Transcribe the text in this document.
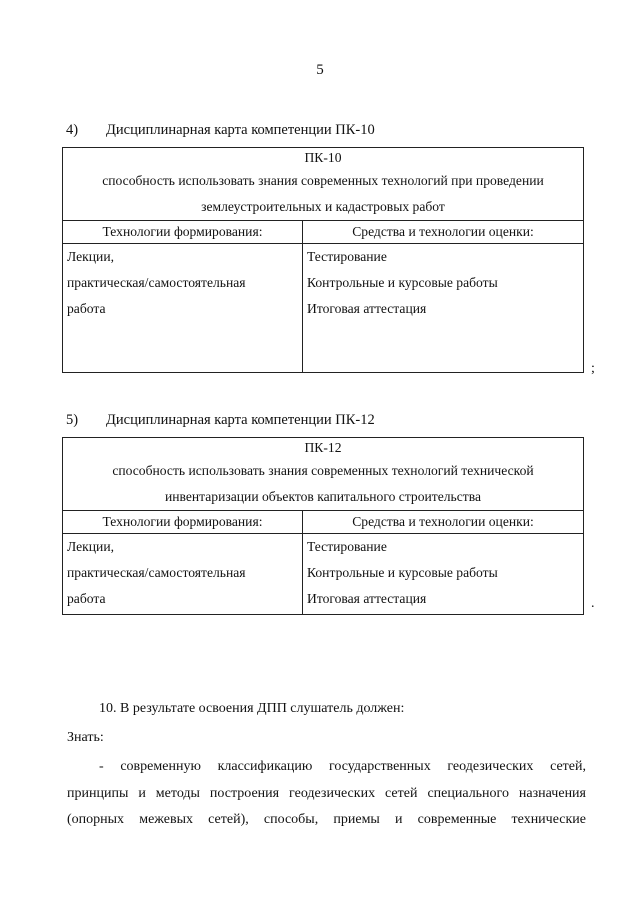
5
4) Дисциплинарная карта компетенции ПК-10
ПК-10
способность использовать знания современных технологий при проведении
землеустроительных и кадастровых работ	

Технологии формирования:	Средства и технологии оценки:

Лекции,
практическая/самостоятельная
работа	Тестирование
Контрольные и курсовые работы
Итоговая аттестация
;
5) Дисциплинарная карта компетенции ПК-12
ПК-12
способность использовать знания современных технологий технической
инвентаризации объектов капитального строительства	

Технологии формирования:	Средства и технологии оценки:

Лекции,
практическая/самостоятельная
работа	Тестирование
Контрольные и курсовые работы
Итоговая аттестация	.
10. В результате освоения ДПП слушатель должен:
Знать:
- современную классификацию государственных геодезических сетей,
принципы и методы построения геодезических сетей специального назначения
(опорных межевых сетей), способы, приемы и современные технические
